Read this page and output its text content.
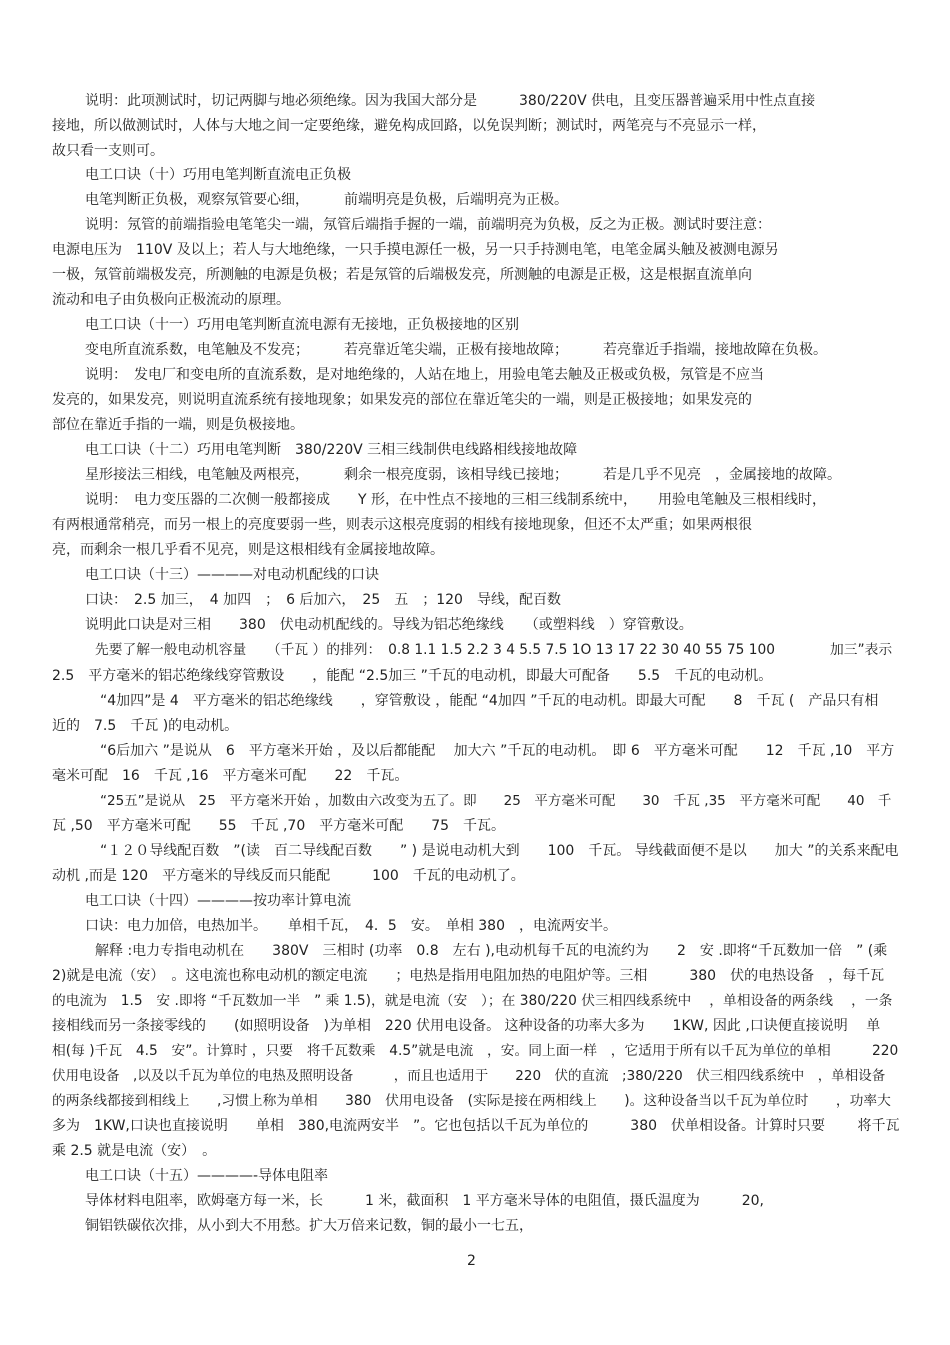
说明：此项测试时，切记两脚与地必须绝缘。因为我国大部分是　　　380/220V 供电，且变压器普遍采用中性点直接
接地，所以做测试时，人体与大地之间一定要绝缘，避免构成回路，以免误判断；测试时，两笔亮与不亮显示一样，
故只看一支则可。
电工口诀（十）巧用电笔判断直流电正负极
电笔判断正负极，观察氖管要心细，　　　前端明亮是负极，后端明亮为正极。
说明：氖管的前端指验电笔笔尖一端，氖管后端指手握的一端，前端明亮为负极，反之为正极。测试时要注意：
电源电压为　110V 及以上；若人与大地绝缘，一只手摸电源任一极，另一只手持测电笔，电笔金属头触及被测电源另
一极，氖管前端极发亮，所测触的电源是负极；若是氖管的后端极发亮，所测触的电源是正极，这是根据直流单向
流动和电子由负极向正极流动的原理。
电工口诀（十一）巧用电笔判断直流电源有无接地，正负极接地的区别
变电所直流系数，电笔触及不发亮；　　　若亮靠近笔尖端，正极有接地故障；　　　若亮靠近手指端，接地故障在负极。
说明：　发电厂和变电所的直流系数，是对地绝缘的，人站在地上，用验电笔去触及正极或负极，氖管是不应当
发亮的，如果发亮，则说明直流系统有接地现象；如果发亮的部位在靠近笔尖的一端，则是正极接地；如果发亮的
部位在靠近手指的一端，则是负极接地。
电工口诀（十二）巧用电笔判断　380/220V 三相三线制供电线路相线接地故障
星形接法三相线，电笔触及两根亮，　　　剩余一根亮度弱，该相导线已接地；　　　若是几乎不见亮　，金属接地的故障。
说明：　电力变压器的二次侧一般都接成　　Y 形，在中性点不接地的三相三线制系统中，　　用验电笔触及三根相线时，
有两根通常稍亮，而另一根上的亮度要弱一些，则表示这根亮度弱的相线有接地现象，但还不太严重；如果两根很
亮，而剩余一根几乎看不见亮，则是这根相线有金属接地故障。
电工口诀（十三）————对电动机配线的口诀
口诀：　2.5 加三，　4 加四　；　6 后加六，　25　五　；120　导线，配百数
说明此口诀是对三相　　380　伏电动机配线的。导线为铝芯绝缘线　　（或塑料线　）穿管敷设。
先要了解一般电动机容量　　（千瓦 ）的排列：　0.8 1.1 1.5 2.2 3 4 5.5 7.5 1O 13 17 22 30 40 55 75 100　　　　加三”表示
2.5　平方毫米的铝芯绝缘线穿管敷设　　，能配 “2.5加三 ”千瓦的电动机，即最大可配备　　5.5　千瓦的电动机。
“4加四”是 4　平方毫米的铝芯绝缘线　　，穿管敷设 ，能配 “4加四 ”千瓦的电动机。即最大可配　　8　千瓦 (　产品只有相
近的　7.5　千瓦 )的电动机。
“6后加六 ”是说从　6　平方毫米开始 ，及以后都能配　 加大六 ”千瓦的电动机。　即 6　平方毫米可配　　12　千瓦 ,10　平方
毫米可配　16　千瓦 ,16　平方毫米可配　　22　千瓦。
“25五”是说从　25　平方毫米开始 ，加数由六改变为五了。即　　25　平方毫米可配　　30　千瓦 ,35　平方毫米可配　　40　千
瓦 ,50　平方毫米可配　　55　千瓦 ,70　平方毫米可配　　75　千瓦。
“１２０导线配百数　”(读　百二导线配百数　　” ) 是说电动机大到　　100　千瓦。 导线截面便不是以　　加大 ”的关系来配电
动机 ,而是 120　平方毫米的导线反而只能配　　　100　千瓦的电动机了。
电工口诀（十四）————按功率计算电流
口诀：电力加倍，电热加半。　　单相千瓦，　4．5　安。　单相 380　，电流两安半。
解释 :电力专指电动机在　　380V　三相时 (功率　0.8　左右 ),电动机每千瓦的电流约为　　2　安 .即将“千瓦数加一倍　” (乘
2)就是电流（安）　。这电流也称电动机的额定电流　　；电热是指用电阻加热的电阻炉等。三相　　　380　伏的电热设备　，每千瓦
的电流为　1.5　安 .即将 “千瓦数加一半　” 乘 1.5)，就是电流（安　）；在 380/220 伏三相四线系统中　 ，单相设备的两条线　 ，一条
接相线而另一条接零线的　　(如照明设备　)为单相　220 伏用电设备。 这种设备的功率大多为　　1KW, 因此 ,口诀便直接说明　 单
相(每 )千瓦　4.5　安”。计算时 ，只要　将千瓦数乘　4.5”就是电流　，安。同上面一样　，它适用于所有以千瓦为单位的单相　　　220
伏用电设备　,以及以千瓦为单位的电热及照明设备　　　，而且也适用于　　220　伏的直流　;380/220　伏三相四线系统中　，单相设备
的两条线都接到相线上　　,习惯上称为单相　　380　伏用电设备　(实际是接在两相线上　　)。这种设备当以千瓦为单位时　　，功率大
多为　1KW,口诀也直接说明　　单相　380,电流两安半　”。它也包括以千瓦为单位的　　　380　伏单相设备。计算时只要　　 将千瓦
乘 2.5 就是电流（安）　。
电工口诀（十五）————-导体电阻率
导体材料电阻率，欧姆毫方每一米，长　　　1 米，截面积　1 平方毫米导体的电阻值，摄氏温度为　　　20,
铜铝铁碳依次排，从小到大不用愁。扩大万倍来记数，铜的最小一七五，
2
